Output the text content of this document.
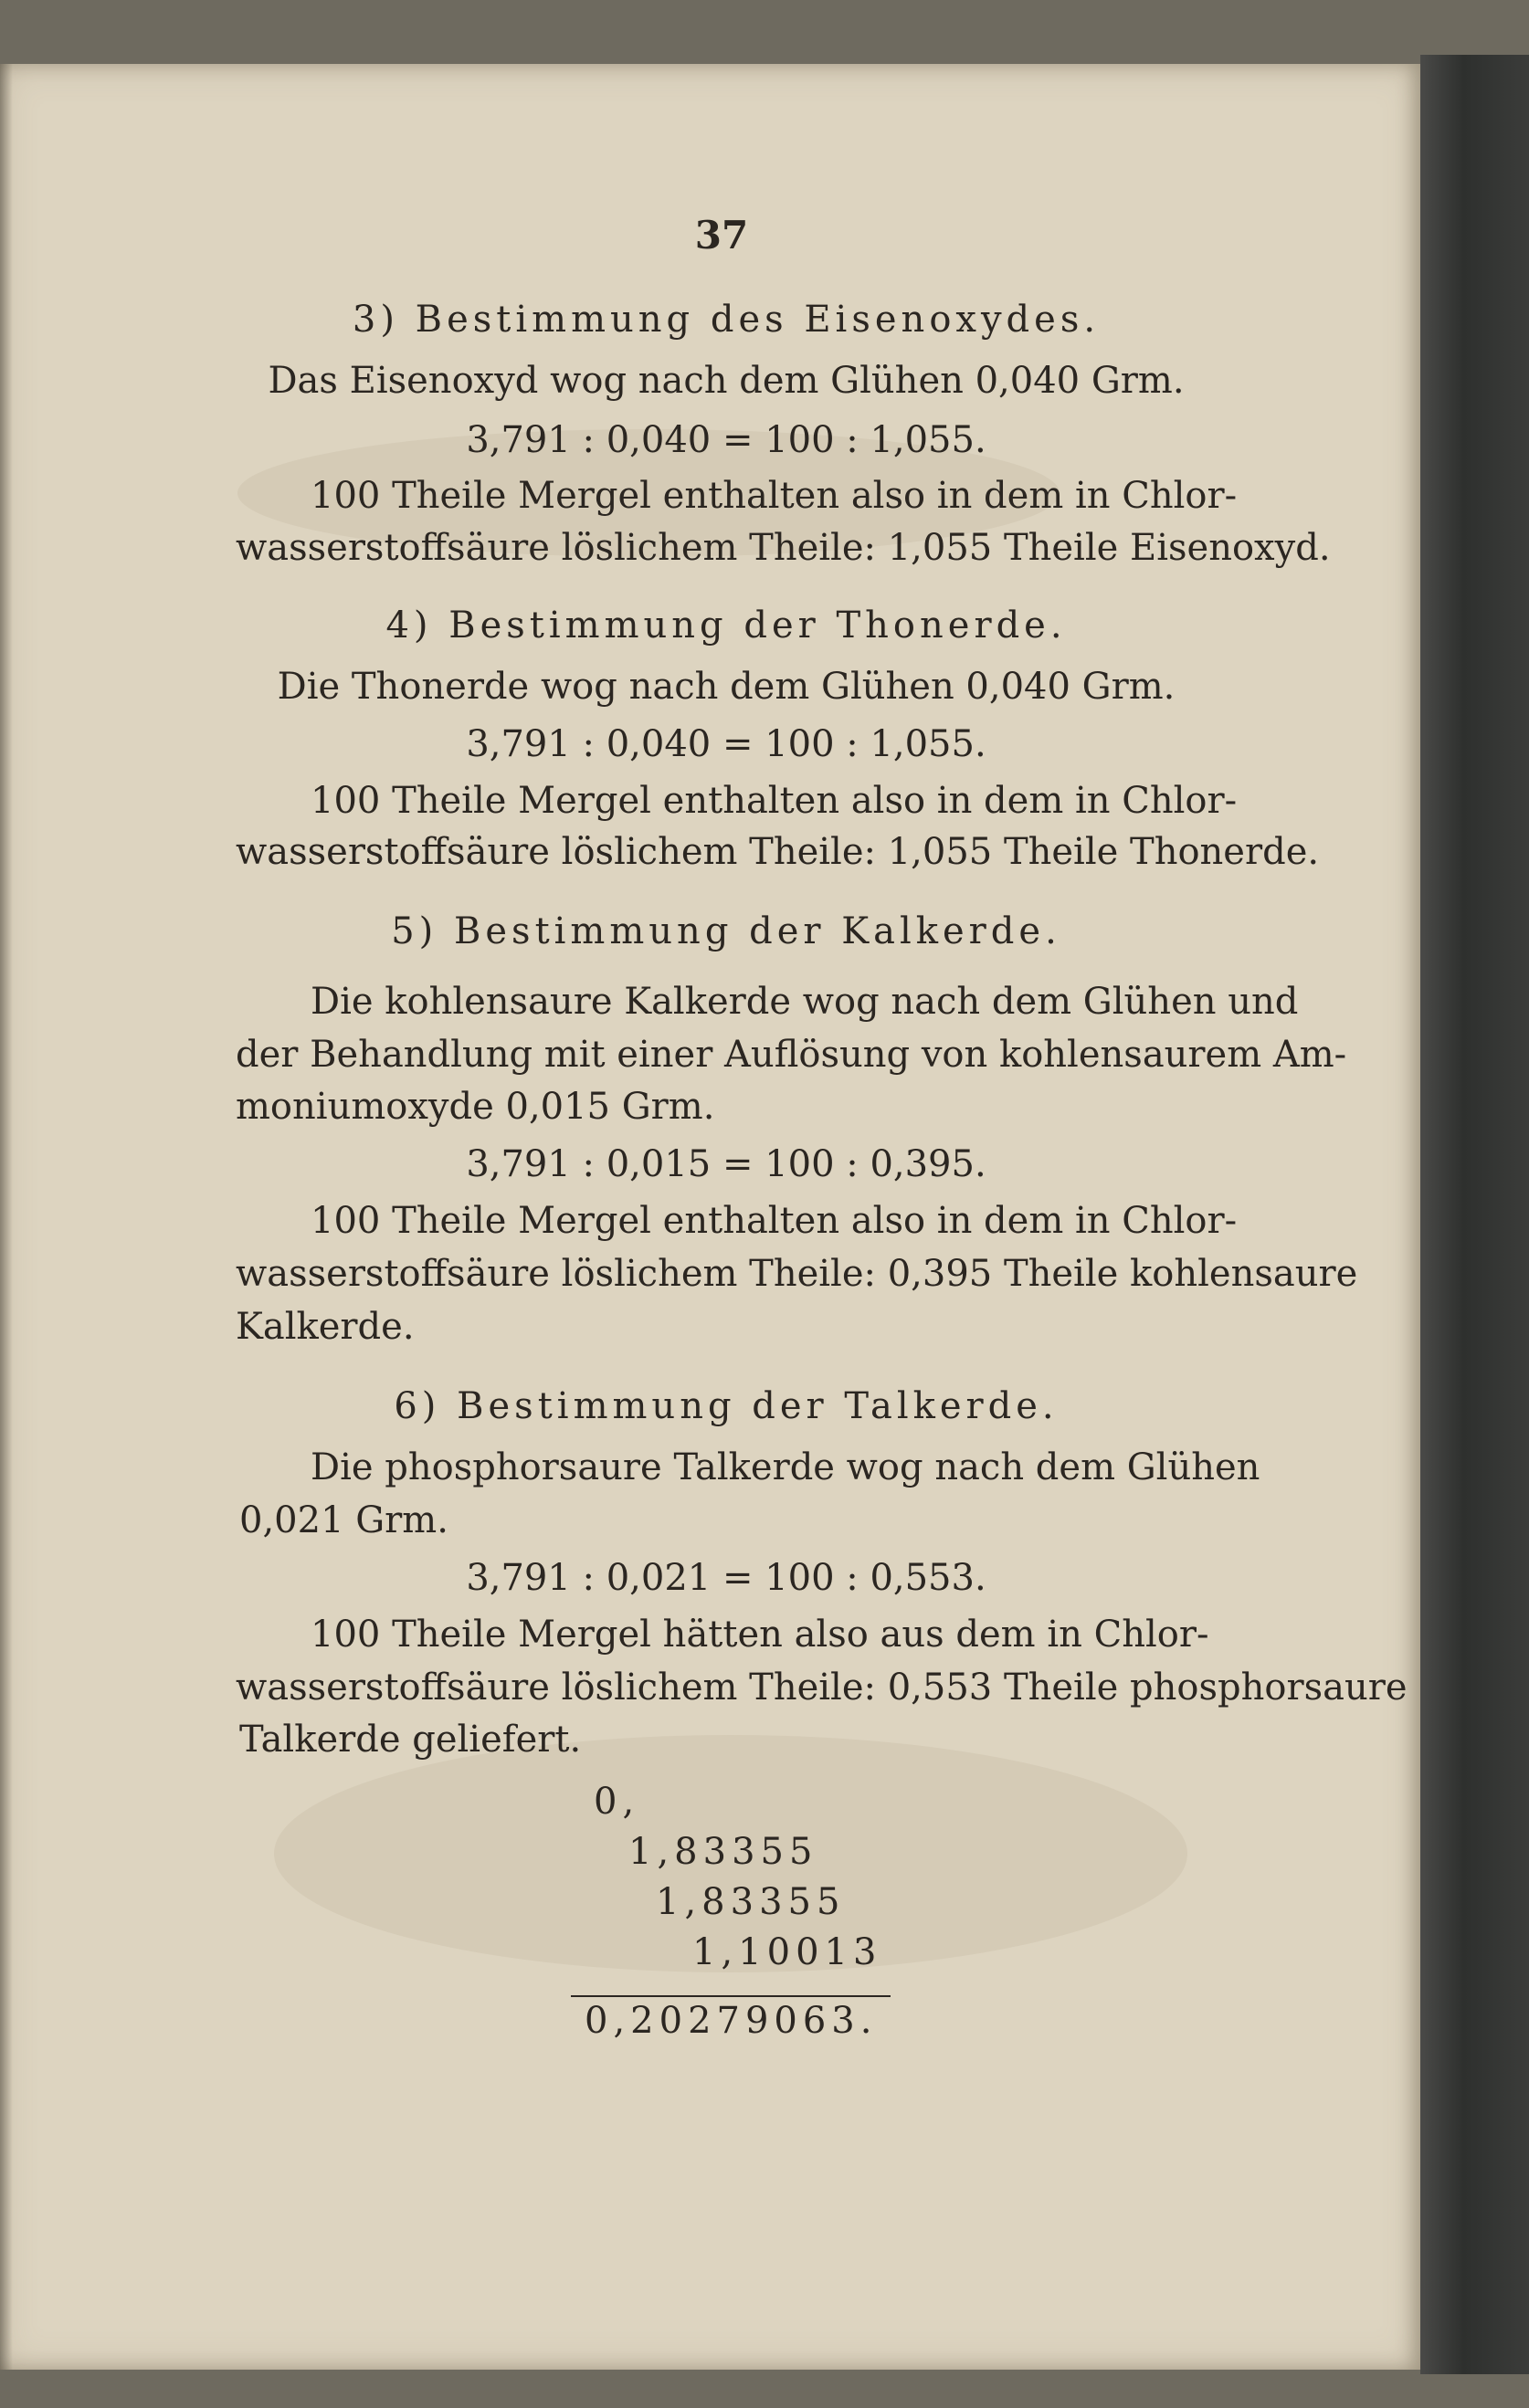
37
3) Bestimmung des Eisenoxydes.
Das Eisenoxyd wog nach dem Glühen 0,040 Grm.
3,791 : 0,040 = 100 : 1,055.
100 Theile Mergel enthalten also in dem in Chlor-
wasserstoffsäure löslichem Theile: 1,055 Theile Eisenoxyd.
4) Bestimmung der Thonerde.
Die Thonerde wog nach dem Glühen 0,040 Grm.
3,791 : 0,040 = 100 : 1,055.
100 Theile Mergel enthalten also in dem in Chlor-
wasserstoffsäure löslichem Theile: 1,055 Theile Thonerde.
5) Bestimmung der Kalkerde.
Die kohlensaure Kalkerde wog nach dem Glühen und
der Behandlung mit einer Auflösung von kohlensaurem Am-
moniumoxyde 0,015 Grm.
3,791 : 0,015 = 100 : 0,395.
100 Theile Mergel enthalten also in dem in Chlor-
wasserstoffsäure löslichem Theile: 0,395 Theile kohlensaure
Kalkerde.
6) Bestimmung der Talkerde.
Die phosphorsaure Talkerde wog nach dem Glühen
0,021 Grm.
3,791 : 0,021 = 100 : 0,553.
100 Theile Mergel hätten also aus dem in Chlor-
wasserstoffsäure löslichem Theile: 0,553 Theile phosphorsaure
Talkerde geliefert.
0,
1,83355
1,83355
1,10013
0,20279063.
